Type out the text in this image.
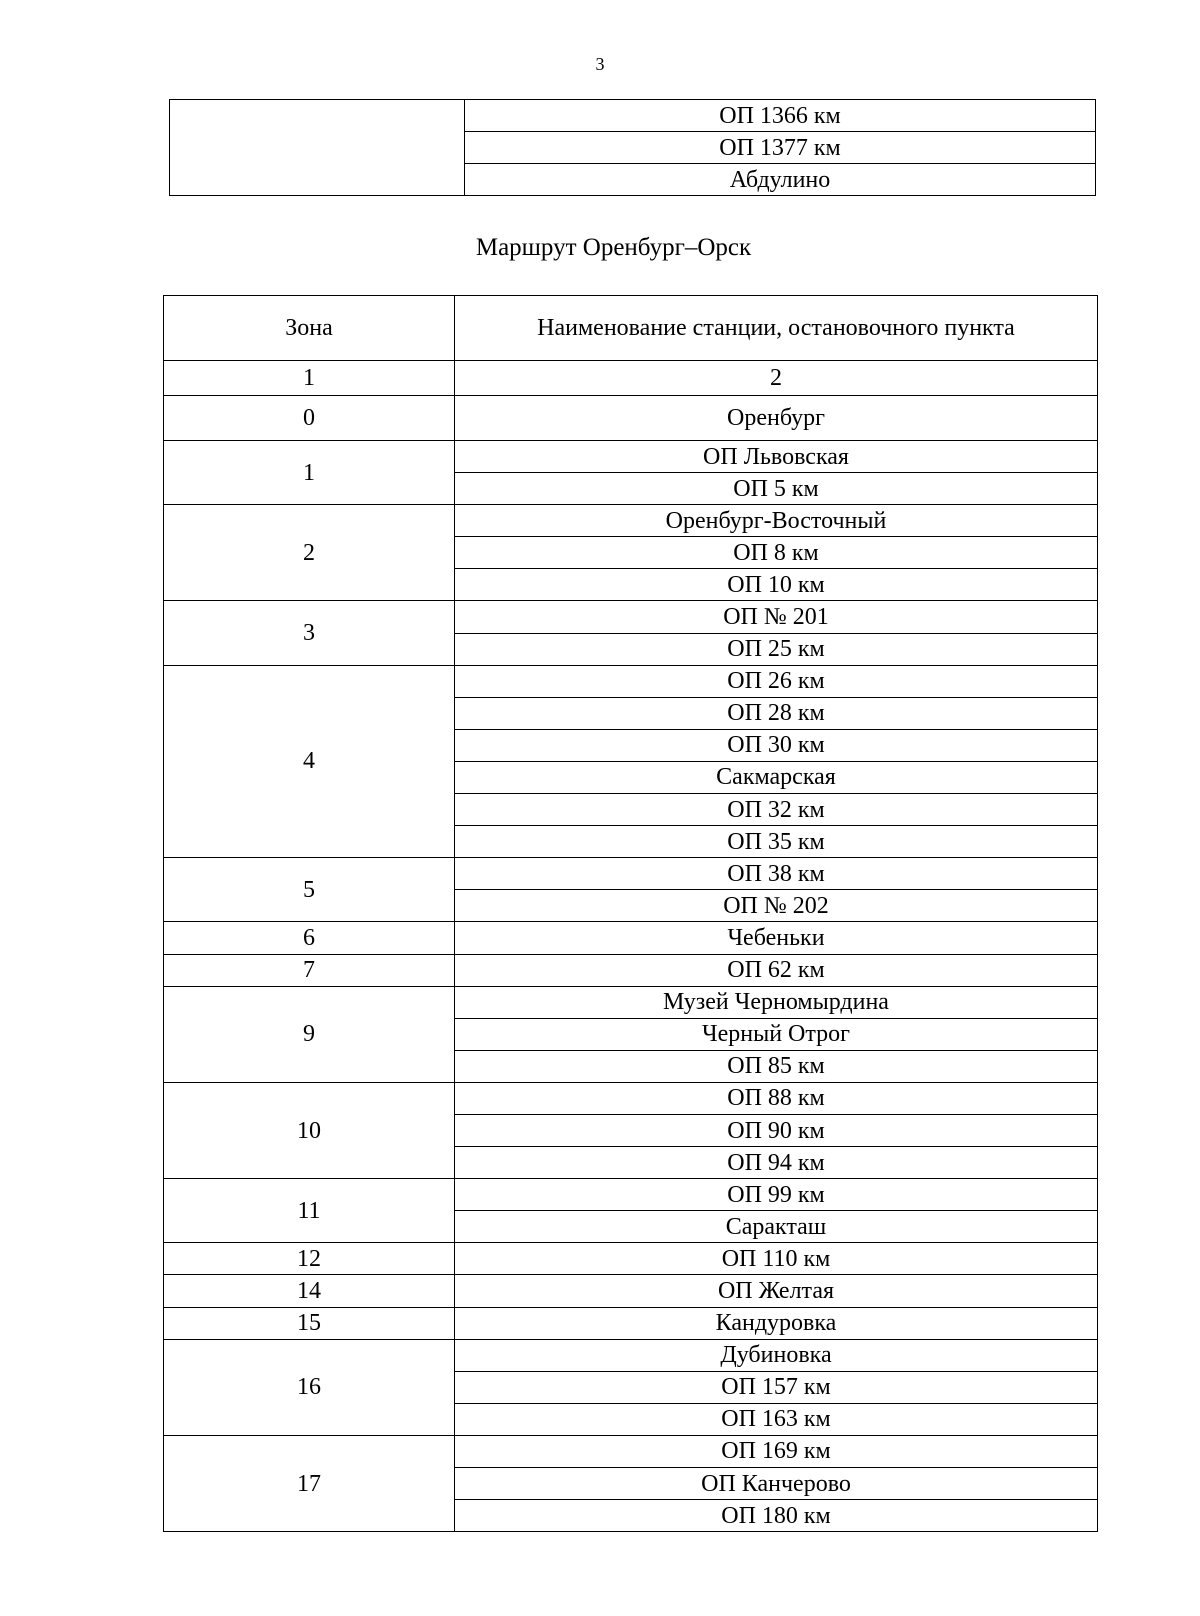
3
	ОП 1366 км
ОП 1377 км
Абдулино
Маршрут Оренбург–Орск
Зона	Наименование станции, остановочного пункта
1	2
0	Оренбург
1	ОП Львовская
	ОП 5 км
2	Оренбург-Восточный
	ОП 8 км
	ОП 10 км
3	ОП № 201
	ОП 25 км
4	ОП 26 км
	ОП 28 км
	ОП 30 км
	Сакмарская
	ОП 32 км
	ОП 35 км
5	ОП 38 км
	ОП № 202
6	Чебеньки
7	ОП 62 км
9	Музей Черномырдина
	Черный Отрог
	ОП 85 км
10	ОП 88 км
	ОП 90 км
	ОП 94 км
11	ОП 99 км
	Саракташ
12	ОП 110 км
14	ОП Желтая
15	Кандуровка
16	Дубиновка
	ОП 157 км
	ОП 163 км
17	ОП 169 км
	ОП Канчерово
	ОП 180 км
